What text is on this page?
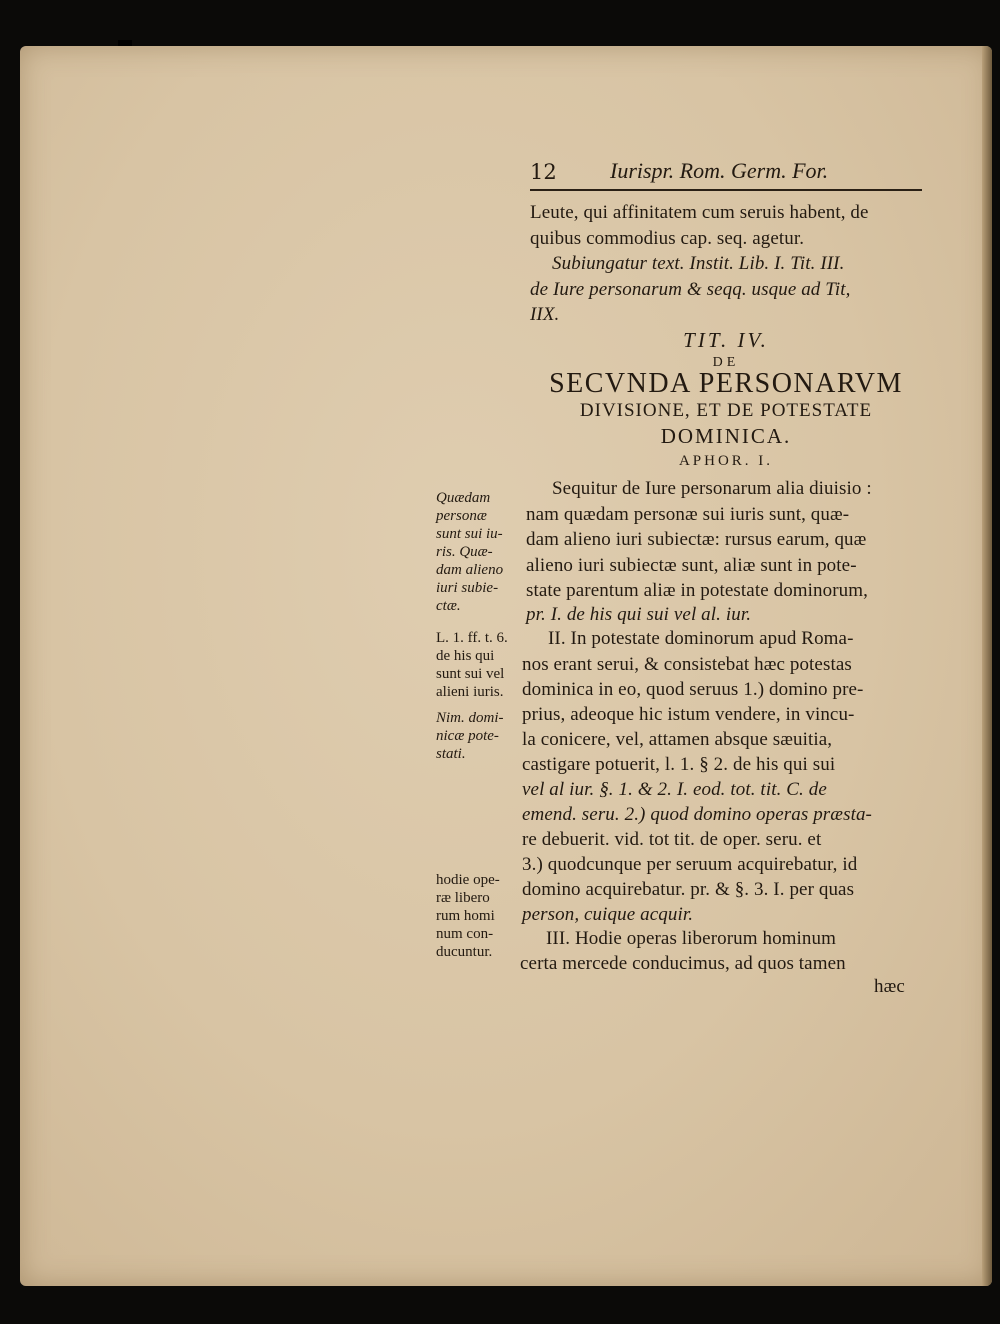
12 Iurispr. Rom. Germ. For.
Leute, qui affinitatem cum seruis habent, de
quibus commodius cap. seq. agetur.
Subiungatur text. Instit. Lib. I. Tit. III.
de Iure personarum & seqq. usque ad Tit,
IIX.
TIT. IV.
DE
SECVNDA PERSONARVM
DIVISIONE, ET DE POTESTATE
DOMINICA.
APHOR. I.
Sequitur de Iure personarum alia diuisio :
nam quædam personæ sui iuris sunt, quæ-
dam alieno iuri subiectæ: rursus earum, quæ
alieno iuri subiectæ sunt, aliæ sunt in pote-
state parentum aliæ in potestate dominorum,
pr. I. de his qui sui vel al. iur.
II. In potestate dominorum apud Roma-
nos erant serui, & consistebat hæc potestas
dominica in eo, quod seruus 1.) domino pre-
prius, adeoque hic istum vendere, in vincu-
la conicere, vel, attamen absque sæuitia,
castigare potuerit, l. 1. § 2. de his qui sui
vel al iur. §. 1. & 2. I. eod. tot. tit. C. de
emend. seru. 2.) quod domino operas præsta-
re debuerit. vid. tot tit. de oper. seru. et
3.) quodcunque per seruum acquirebatur, id
domino acquirebatur. pr. & §. 3. I. per quas
person, cuique acquir.
III. Hodie operas liberorum hominum
certa mercede conducimus, ad quos tamen
hæc
Quædam
personæ
sunt sui iu-
ris. Quæ-
dam alieno
iuri subie-
ctæ.
L. 1. ff. t. 6.
de his qui
sunt sui vel
alieni iuris.
Nim. domi-
nicæ pote-
stati.
hodie ope-
ræ libero
rum homi
num con-
ducuntur.
